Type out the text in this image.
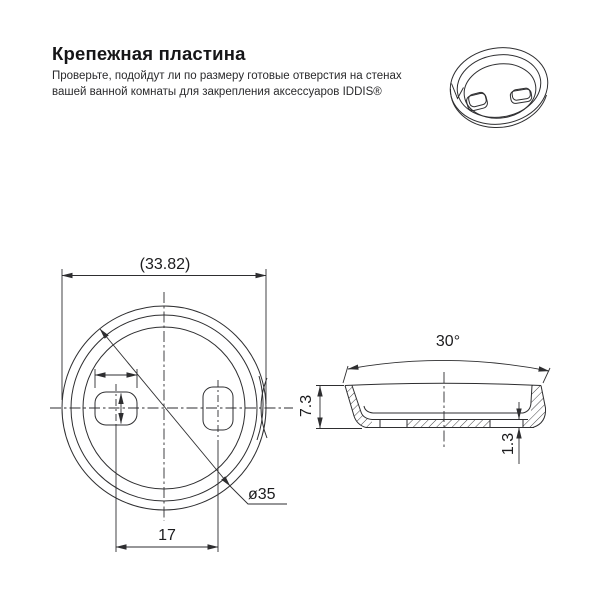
Крепежная пластина
Проверьте, подойдут ли по размеру готовые отверстия на стенах
вашей ванной комнаты для закрепления аксессуаров IDDIS®
(33.82)
ø35
17
30°
7.3
1.3
